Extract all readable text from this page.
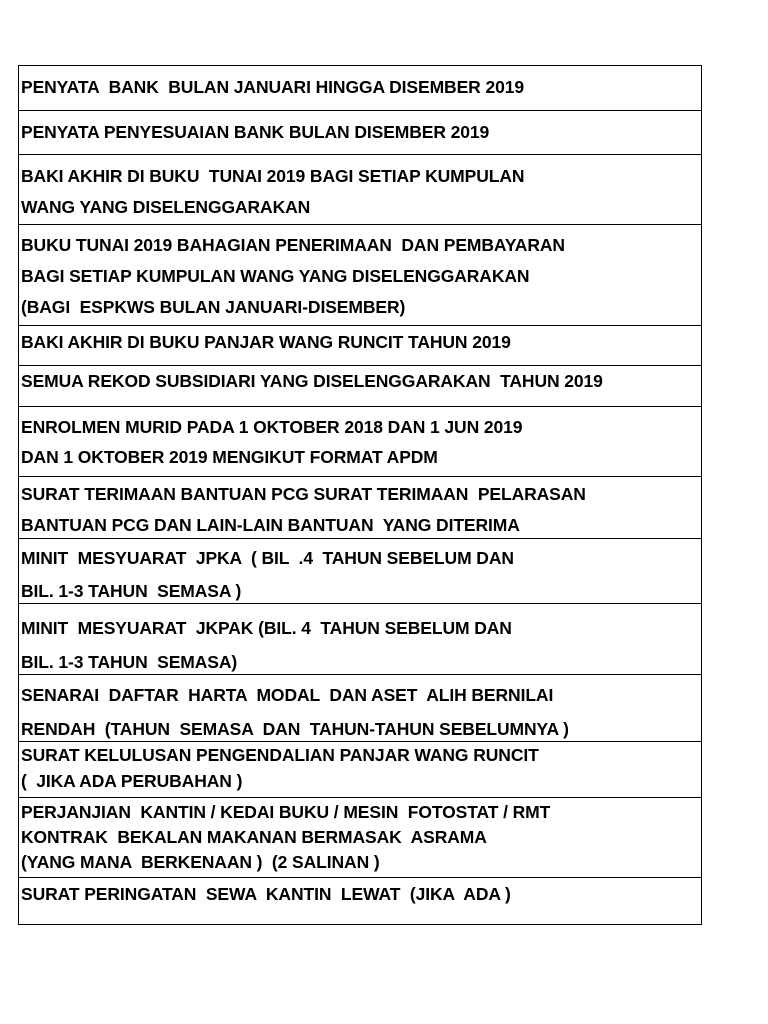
PENYATA  BANK  BULAN JANUARI HINGGA DISEMBER 2019
PENYATA PENYESUAIAN BANK BULAN DISEMBER 2019
BAKI AKHIR DI BUKU  TUNAI 2019 BAGI SETIAP KUMPULAN
WANG YANG DISELENGGARAKAN
BUKU TUNAI 2019 BAHAGIAN PENERIMAAN  DAN PEMBAYARAN
BAGI SETIAP KUMPULAN WANG YANG DISELENGGARAKAN
(BAGI  ESPKWS BULAN JANUARI-DISEMBER)
BAKI AKHIR DI BUKU PANJAR WANG RUNCIT TAHUN 2019
SEMUA REKOD SUBSIDIARI YANG DISELENGGARAKAN  TAHUN 2019
ENROLMEN MURID PADA 1 OKTOBER 2018 DAN 1 JUN 2019
DAN 1 OKTOBER 2019 MENGIKUT FORMAT APDM
SURAT TERIMAAN BANTUAN PCG SURAT TERIMAAN  PELARASAN
BANTUAN PCG DAN LAIN-LAIN BANTUAN  YANG DITERIMA
MINIT  MESYUARAT  JPKA  ( BIL  .4  TAHUN SEBELUM DAN
BIL. 1-3 TAHUN  SEMASA )
MINIT  MESYUARAT  JKPAK (BIL. 4  TAHUN SEBELUM DAN
BIL. 1-3 TAHUN  SEMASA)
SENARAI  DAFTAR  HARTA  MODAL  DAN ASET  ALIH BERNILAI
RENDAH  (TAHUN  SEMASA  DAN  TAHUN-TAHUN SEBELUMNYA )
SURAT KELULUSAN PENGENDALIAN PANJAR WANG RUNCIT
(  JIKA ADA PERUBAHAN )
PERJANJIAN  KANTIN / KEDAI BUKU / MESIN  FOTOSTAT / RMT
KONTRAK  BEKALAN MAKANAN BERMASAK  ASRAMA
(YANG MANA  BERKENAAN )  (2 SALINAN )
SURAT PERINGATAN  SEWA  KANTIN  LEWAT  (JIKA  ADA )
